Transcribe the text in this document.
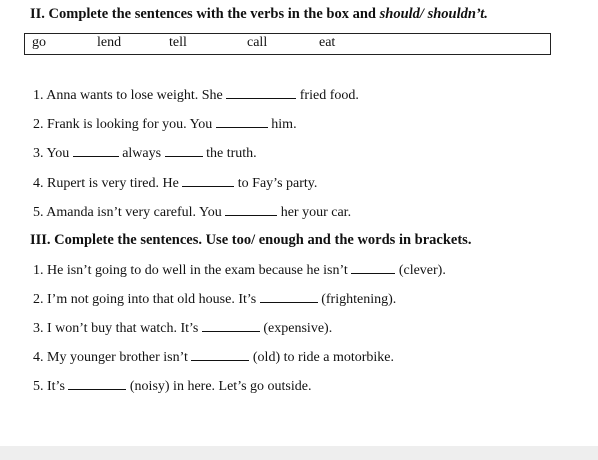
II. Complete the sentences with the verbs in the box and should/ shouldn’t.
go	lend	tell	call	eat
1. Anna wants to lose weight. She	fried food.
2. Frank is looking for you. You	him.
3. You	always	the truth.
4. Rupert is very tired. He	to Fay’s party.
5. Amanda isn’t very careful. You	her your car.
III. Complete the sentences. Use too/ enough and the words in brackets.
1. He isn’t going to do well in the exam because he isn’t	(clever).
2. I’m not going into that old house. It’s	(frightening).
3. I won’t buy that watch. It’s	(expensive).
4. My younger brother isn’t	(old) to ride a motorbike.
5. It’s	(noisy) in here. Let’s go outside.
